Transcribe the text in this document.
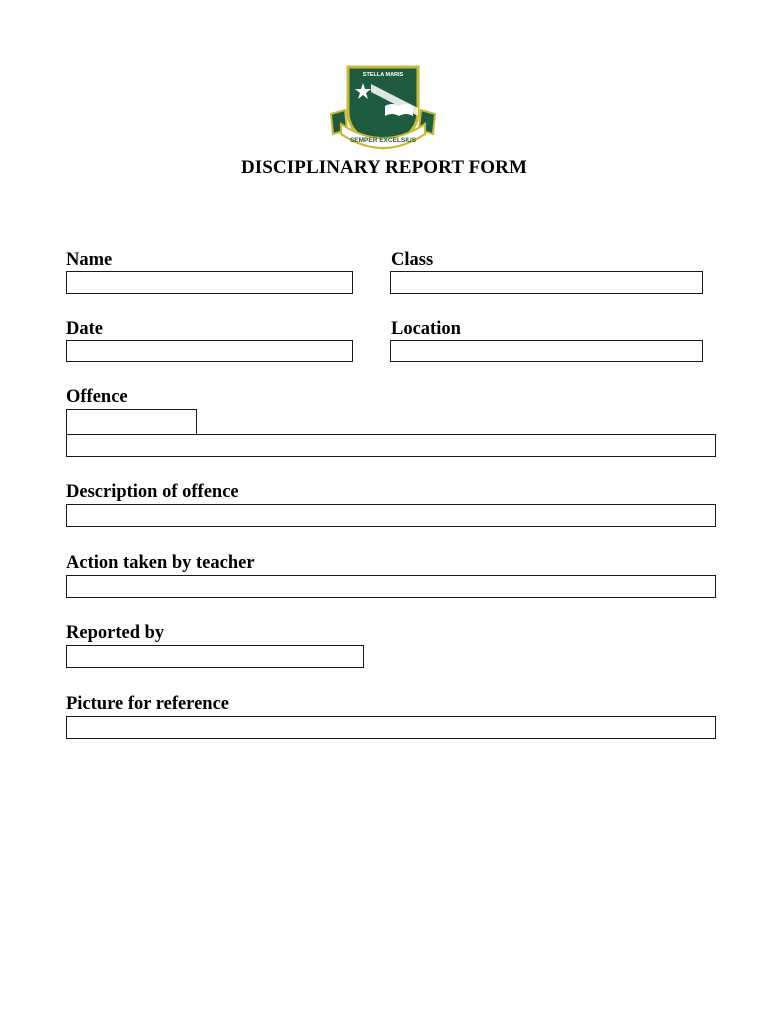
STELLA MARIS
SEMPER EXCELSIUS
DISCIPLINARY REPORT FORM
Name	Class
Date	Location
Offence
Description of offence
Action taken by teacher
Reported by
Picture for reference
